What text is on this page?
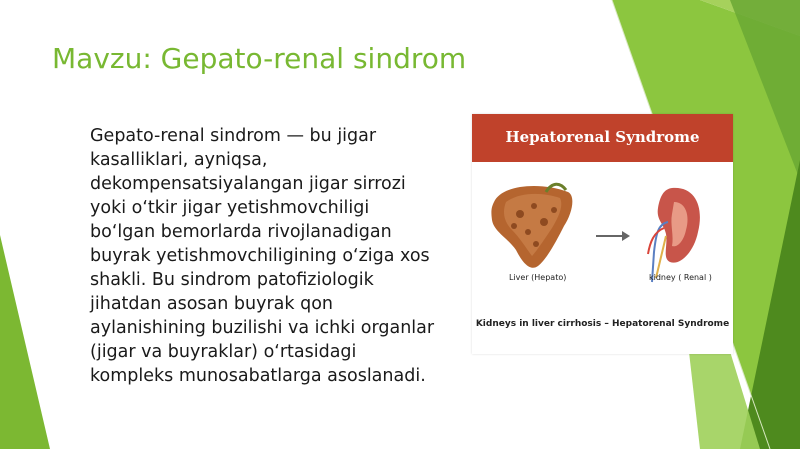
Mavzu: Gepato-renal sindrom
Gepato-renal sindrom — bu jigar kasalliklari, ayniqsa, dekompensatsiyalangan jigar sirrozi yoki o‘tkir jigar yetishmovchiligi bo‘lgan bemorlarda rivojlanadigan buyrak yetishmovchiligining o‘ziga xos shakli. Bu sindrom patofiziologik jihatdan asosan buyrak qon aylanishining buzilishi va ichki organlar (jigar va buyraklar) o‘rtasidagi kompleks munosabatlarga asoslanadi.
Hepatorenal Syndrome
Liver (Hepato)	kidney ( Renal )
Kidneys in liver cirrhosis – Hepatorenal Syndrome
